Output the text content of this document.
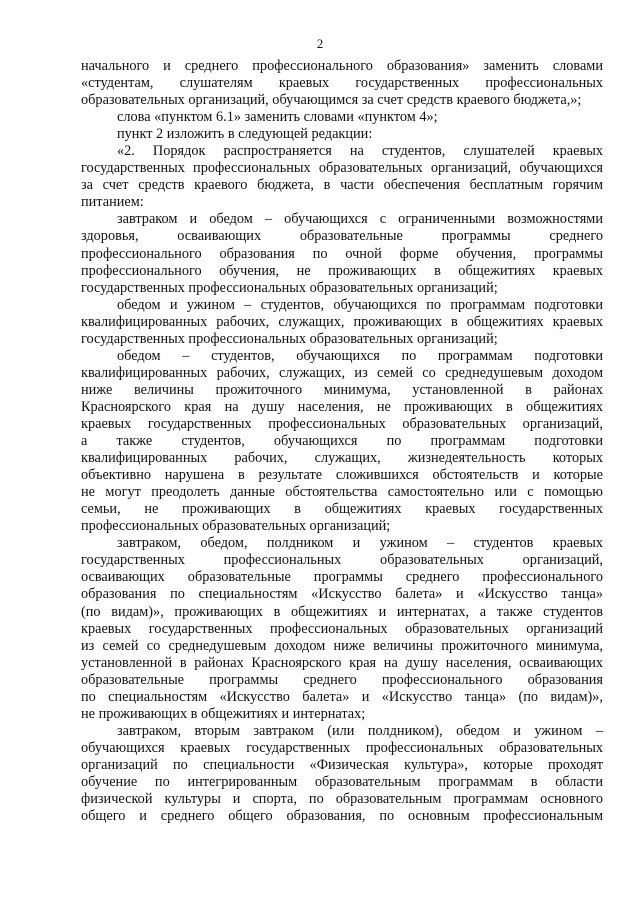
2
начального и среднего профессионального образования» заменить словами
«студентам, слушателям краевых государственных профессиональных
образовательных организаций, обучающимся за счет средств краевого бюджета,»;
слова «пунктом 6.1» заменить словами «пунктом 4»;
пункт 2 изложить в следующей редакции:
«2. Порядок распространяется на студентов, слушателей краевых
государственных профессиональных образовательных организаций, обучающихся
за счет средств краевого бюджета, в части обеспечения бесплатным горячим
питанием:
завтраком и обедом – обучающихся с ограниченными возможностями
здоровья, осваивающих образовательные программы среднего
профессионального образования по очной форме обучения, программы
профессионального обучения, не проживающих в общежитиях краевых
государственных профессиональных образовательных организаций;
обедом и ужином – студентов, обучающихся по программам подготовки
квалифицированных рабочих, служащих, проживающих в общежитиях краевых
государственных профессиональных образовательных организаций;
обедом – студентов, обучающихся по программам подготовки
квалифицированных рабочих, служащих, из семей со среднедушевым доходом
ниже величины прожиточного минимума, установленной в районах
Красноярского края на душу населения, не проживающих в общежитиях
краевых государственных профессиональных образовательных организаций,
а также студентов, обучающихся по программам подготовки
квалифицированных рабочих, служащих, жизнедеятельность которых
объективно нарушена в результате сложившихся обстоятельств и которые
не могут преодолеть данные обстоятельства самостоятельно или с помощью
семьи, не проживающих в общежитиях краевых государственных
профессиональных образовательных организаций;
завтраком, обедом, полдником и ужином – студентов краевых
государственных профессиональных образовательных организаций,
осваивающих образовательные программы среднего профессионального
образования по специальностям «Искусство балета» и «Искусство танца»
(по видам)», проживающих в общежитиях и интернатах, а также студентов
краевых государственных профессиональных образовательных организаций
из семей со среднедушевым доходом ниже величины прожиточного минимума,
установленной в районах Красноярского края на душу населения, осваивающих
образовательные программы среднего профессионального образования
по специальностям «Искусство балета» и «Искусство танца» (по видам)»,
не проживающих в общежитиях и интернатах;
завтраком, вторым завтраком (или полдником), обедом и ужином –
обучающихся краевых государственных профессиональных образовательных
организаций по специальности «Физическая культура», которые проходят
обучение по интегрированным образовательным программам в области
физической культуры и спорта, по образовательным программам основного
общего и среднего общего образования, по основным профессиональным
